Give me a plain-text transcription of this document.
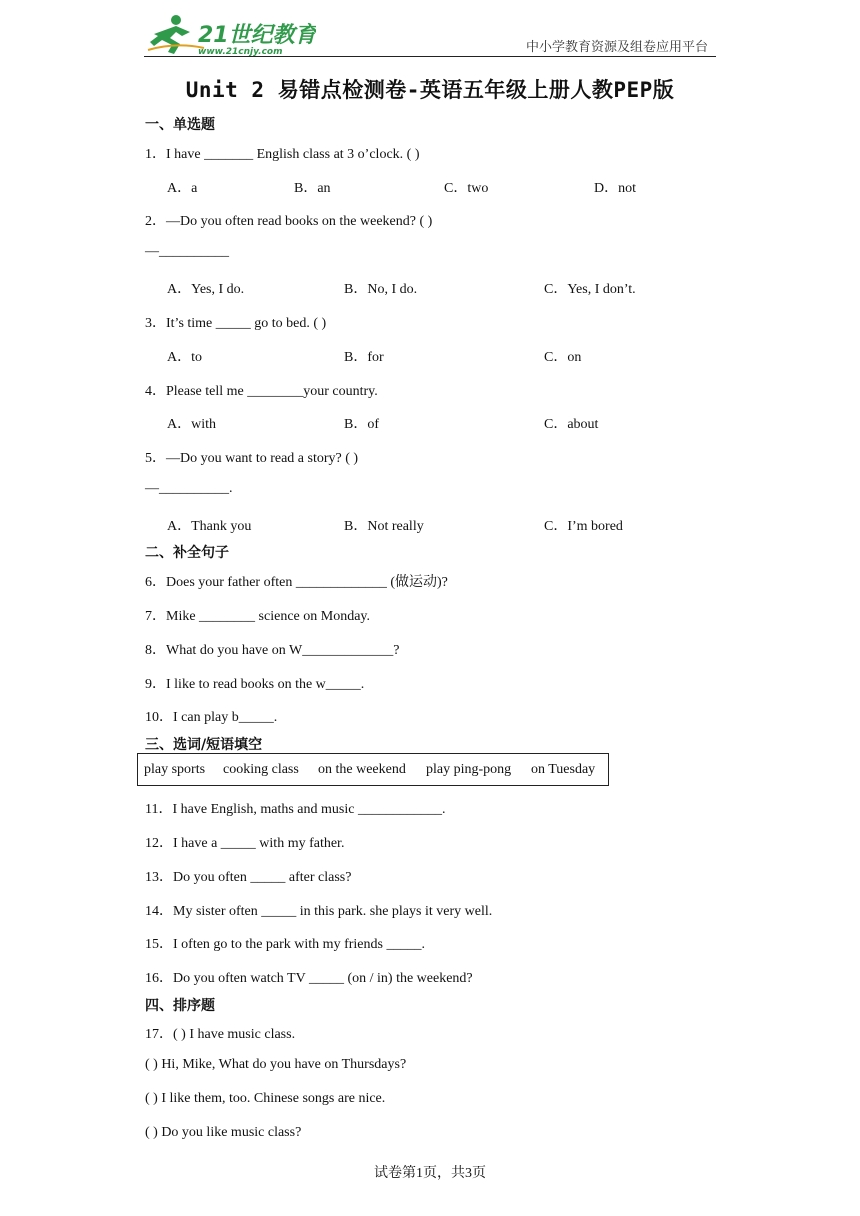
21世纪教育
www.21cnjy.com	中小学教育资源及组卷应用平台
Unit 2 易错点检测卷-英语五年级上册人教PEP版
一、单选题
1．I have _______ English class at 3 o’clock. ( )
A．a	B．an	C．two	D．not
2．—Do you often read books on the weekend? ( )
—__________
A．Yes, I do.	B．No, I do.	C．Yes, I don’t.
3．It’s time _____ go to bed. ( )
A．to	B．for	C．on
4．Please tell me ________your country.
A．with	B．of	C．about
5．—Do you want to read a story? ( )
—__________.
A．Thank you	B．Not really	C．I’m bored
二、补全句子
6．Does your father often _____________ (做运动)?
7．Mike ________ science on Monday.
8．What do you have on W_____________?
9．I like to read books on the w_____.
10．I can play b_____.
三、选词/短语填空
play sports cooking class on the weekend play ping-pong on Tuesday
11．I have English, maths and music ____________.
12．I have a _____ with my father.
13．Do you often _____ after class?
14．My sister often _____ in this park. she plays it very well.
15．I often go to the park with my friends _____.
16．Do you often watch TV _____ (on / in) the weekend?
四、排序题
17．( ) I have music class.
( ) Hi, Mike, What do you have on Thursdays?
( ) I like them, too. Chinese songs are nice.
( ) Do you like music class?
试卷第1页，共3页
